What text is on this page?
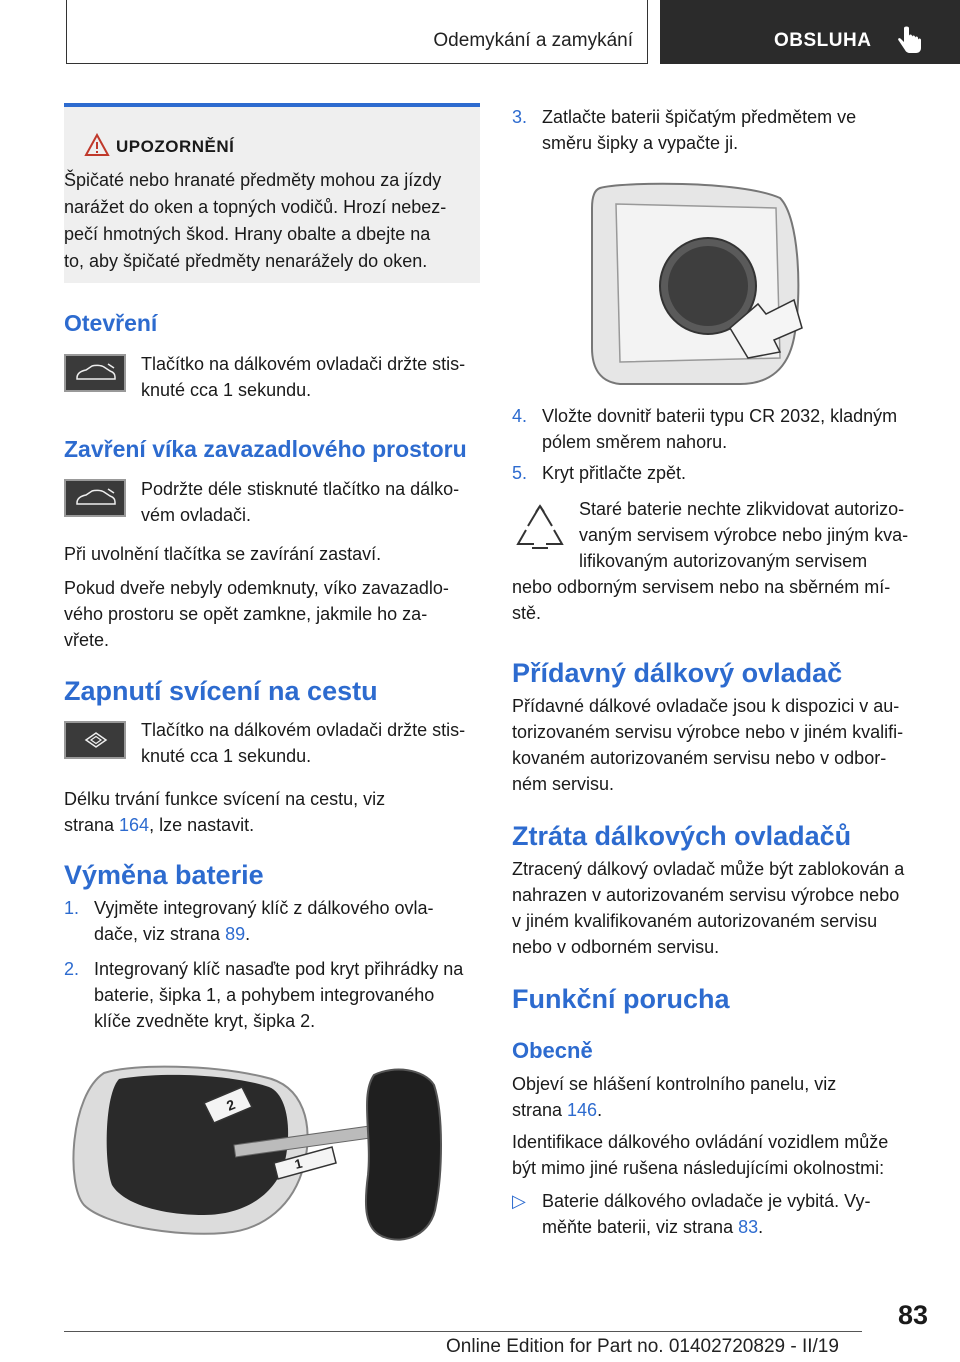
Odemykání a zamykání	OBSLUHA
UPOZORNĚNÍ
Špičaté nebo hranaté předměty mohou za jízdy
narážet do oken a topných vodičů. Hrozí nebez-
pečí hmotných škod. Hrany obalte a dbejte na
to, aby špičaté předměty nenarážely do oken.
Otevření
Tlačítko na dálkovém ovladači držte stis-
knuté cca 1 sekundu.
Zavření víka zavazadlového prostoru
Podržte déle stisknuté tlačítko na dálko-
vém ovladači.
Při uvolnění tlačítka se zavírání zastaví.
Pokud dveře nebyly odemknuty, víko zavazadlo-
vého prostoru se opět zamkne, jakmile ho za-
vřete.
Zapnutí svícení na cestu
Tlačítko na dálkovém ovladači držte stis-
knuté cca 1 sekundu.
Délku trvání funkce svícení na cestu, viz
strana 164, lze nastavit.
Výměna baterie
1. Vyjměte integrovaný klíč z dálkového ovla-
dače, viz strana 89.
2. Integrovaný klíč nasaďte pod kryt přihrádky na
baterie, šipka 1, a pohybem integrovaného
klíče zvedněte kryt, šipka 2.
2
1
3. Zatlačte baterii špičatým předmětem ve
směru šipky a vypačte ji.
4. Vložte dovnitř baterii typu CR 2032, kladným
pólem směrem nahoru.
5. Kryt přitlačte zpět.
Staré baterie nechte zlikvidovat autorizo-
vaným servisem výrobce nebo jiným kva-
lifikovaným autorizovaným servisem
nebo odborným servisem nebo na sběrném mí-
stě.
Přídavný dálkový ovladač
Přídavné dálkové ovladače jsou k dispozici v au-
torizovaném servisu výrobce nebo v jiném kvalifi-
kovaném autorizovaném servisu nebo v odbor-
ném servisu.
Ztráta dálkových ovladačů
Ztracený dálkový ovladač může být zablokován a
nahrazen v autorizovaném servisu výrobce nebo
v jiném kvalifikovaném autorizovaném servisu
nebo v odborném servisu.
Funkční porucha
Obecně
Objeví se hlášení kontrolního panelu, viz
strana 146.
Identifikace dálkového ovládání vozidlem může
být mimo jiné rušena následujícími okolnostmi:
▷ Baterie dálkového ovladače je vybitá. Vy-
měňte baterii, viz strana 83.
83
Online Edition for Part no. 01402720829 - II/19
